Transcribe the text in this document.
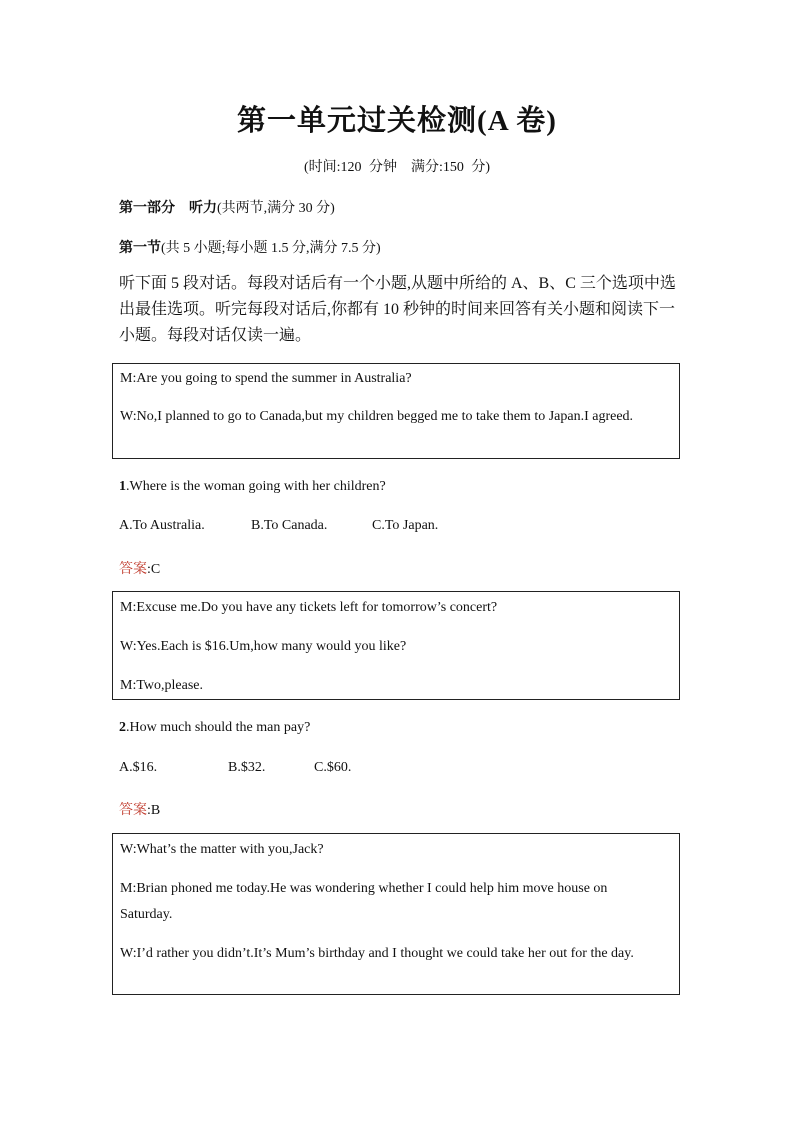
第一单元过关检测(A 卷)
(时间:120 分钟　满分:150 分)
第一部分　听力(共两节,满分 30 分)
第一节(共 5 小题;每小题 1.5 分,满分 7.5 分)
听下面 5 段对话。每段对话后有一个小题,从题中所给的 A、B、C 三个选项中选出最佳选项。听完每段对话后,你都有 10 秒钟的时间来回答有关小题和阅读下一小题。每段对话仅读一遍。
M:Are you going to spend the summer in Australia?
W:No,I planned to go to Canada,but my children begged me to take them to Japan.I agreed.
1.Where is the woman going with her children?
A.To Australia.	B.To Canada.	C.To Japan.
答案:C
M:Excuse me.Do you have any tickets left for tomorrow’s concert?
W:Yes.Each is $16.Um,how many would you like?
M:Two,please.
2.How much should the man pay?
A.$16.	B.$32.	C.$60.
答案:B
W:What’s the matter with you,Jack?
M:Brian phoned me today.He was wondering whether I could help him move house on Saturday.
W:I’d rather you didn’t.It’s Mum’s birthday and I thought we could take her out for the day.
